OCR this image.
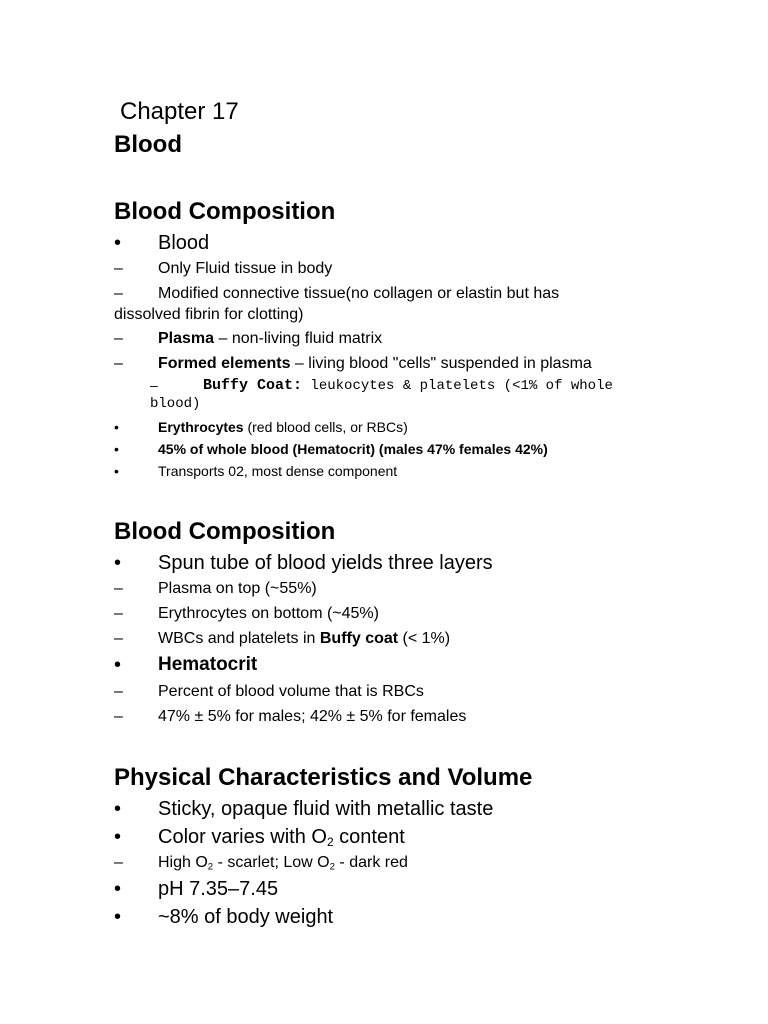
Chapter 17
Blood
Blood Composition
• Blood
– Only Fluid tissue in body
– Modified connective tissue(no collagen or elastin but has
dissolved fibrin for clotting)
– Plasma – non-living fluid matrix
– Formed elements – living blood "cells" suspended in plasma
–	Buffy Coat: leukocytes & platelets (<1% of whole
blood)
•	Erythrocytes (red blood cells, or RBCs)
•	45% of whole blood (Hematocrit) (males 47% females 42%)
•	Transports 02, most dense component
Blood Composition
• Spun tube of blood yields three layers
– Plasma on top (~55%)
– Erythrocytes on bottom (~45%)
– WBCs and platelets in Buffy coat (< 1%)
• Hematocrit
– Percent of blood volume that is RBCs
– 47% ± 5% for males; 42% ± 5% for females
Physical Characteristics and Volume
• Sticky, opaque fluid with metallic taste
• Color varies with $O_2$ content
– High $O_2$ - scarlet; Low $O_2$ - dark red
• pH 7.35–7.45
• ~8% of body weight
